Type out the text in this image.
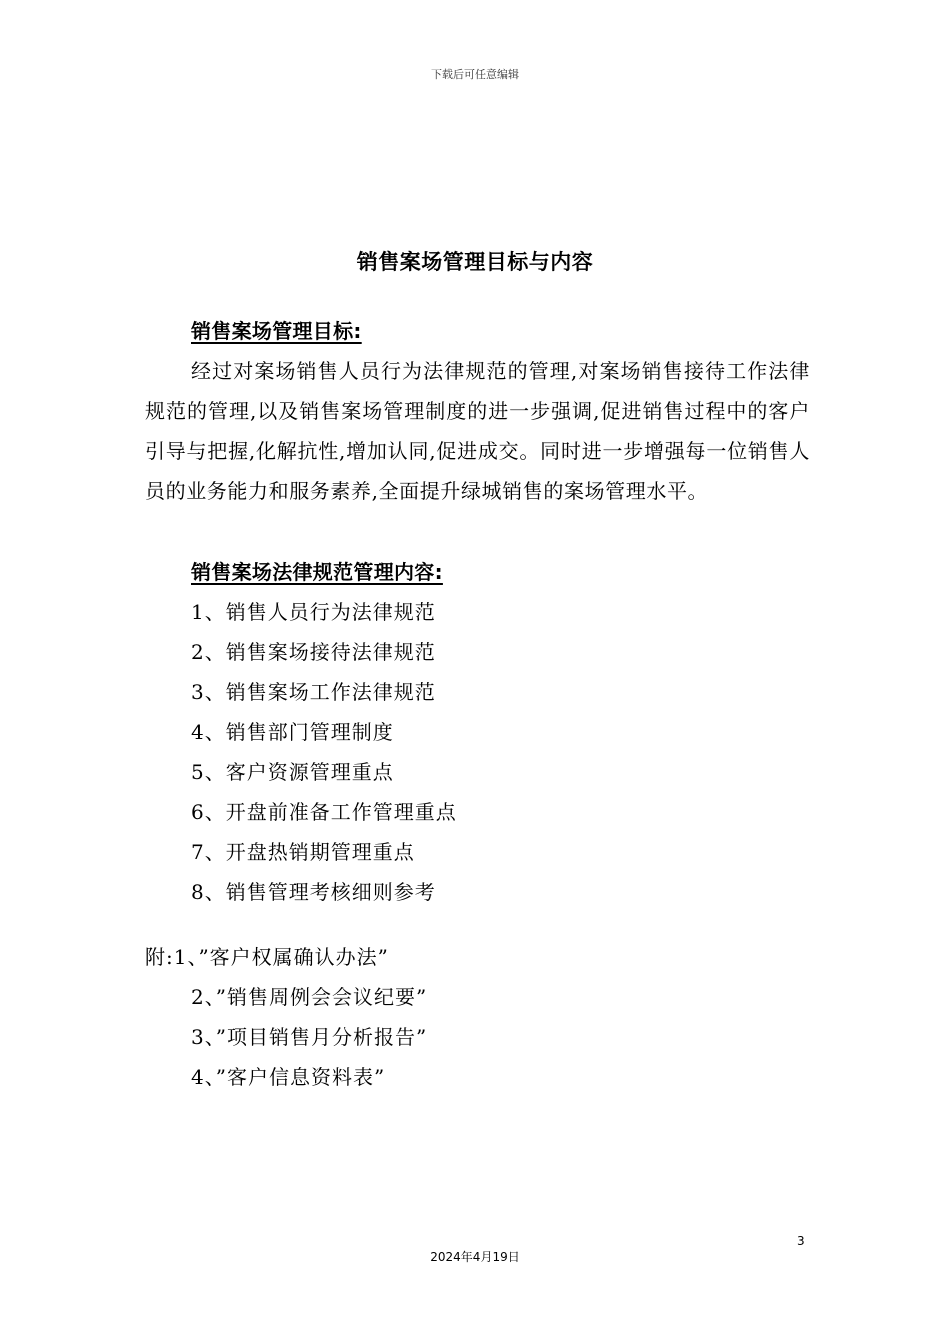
下载后可任意编辑
销售案场管理目标与内容
销售案场管理目标:
经过对案场销售人员行为法律规范的管理,对案场销售接待工作法律规范的管理,以及销售案场管理制度的进一步强调,促进销售过程中的客户引导与把握,化解抗性,增加认同,促进成交。同时进一步增强每一位销售人员的业务能力和服务素养,全面提升绿城销售的案场管理水平。
销售案场法律规范管理内容:
1、销售人员行为法律规范
2、销售案场接待法律规范
3、销售案场工作法律规范
4、销售部门管理制度
5、客户资源管理重点
6、开盘前准备工作管理重点
7、开盘热销期管理重点
8、销售管理考核细则参考
附:1、”客户权属确认办法”
2、”销售周例会会议纪要”
3、”项目销售月分析报告”
4、”客户信息资料表”
3
2024年4月19日
